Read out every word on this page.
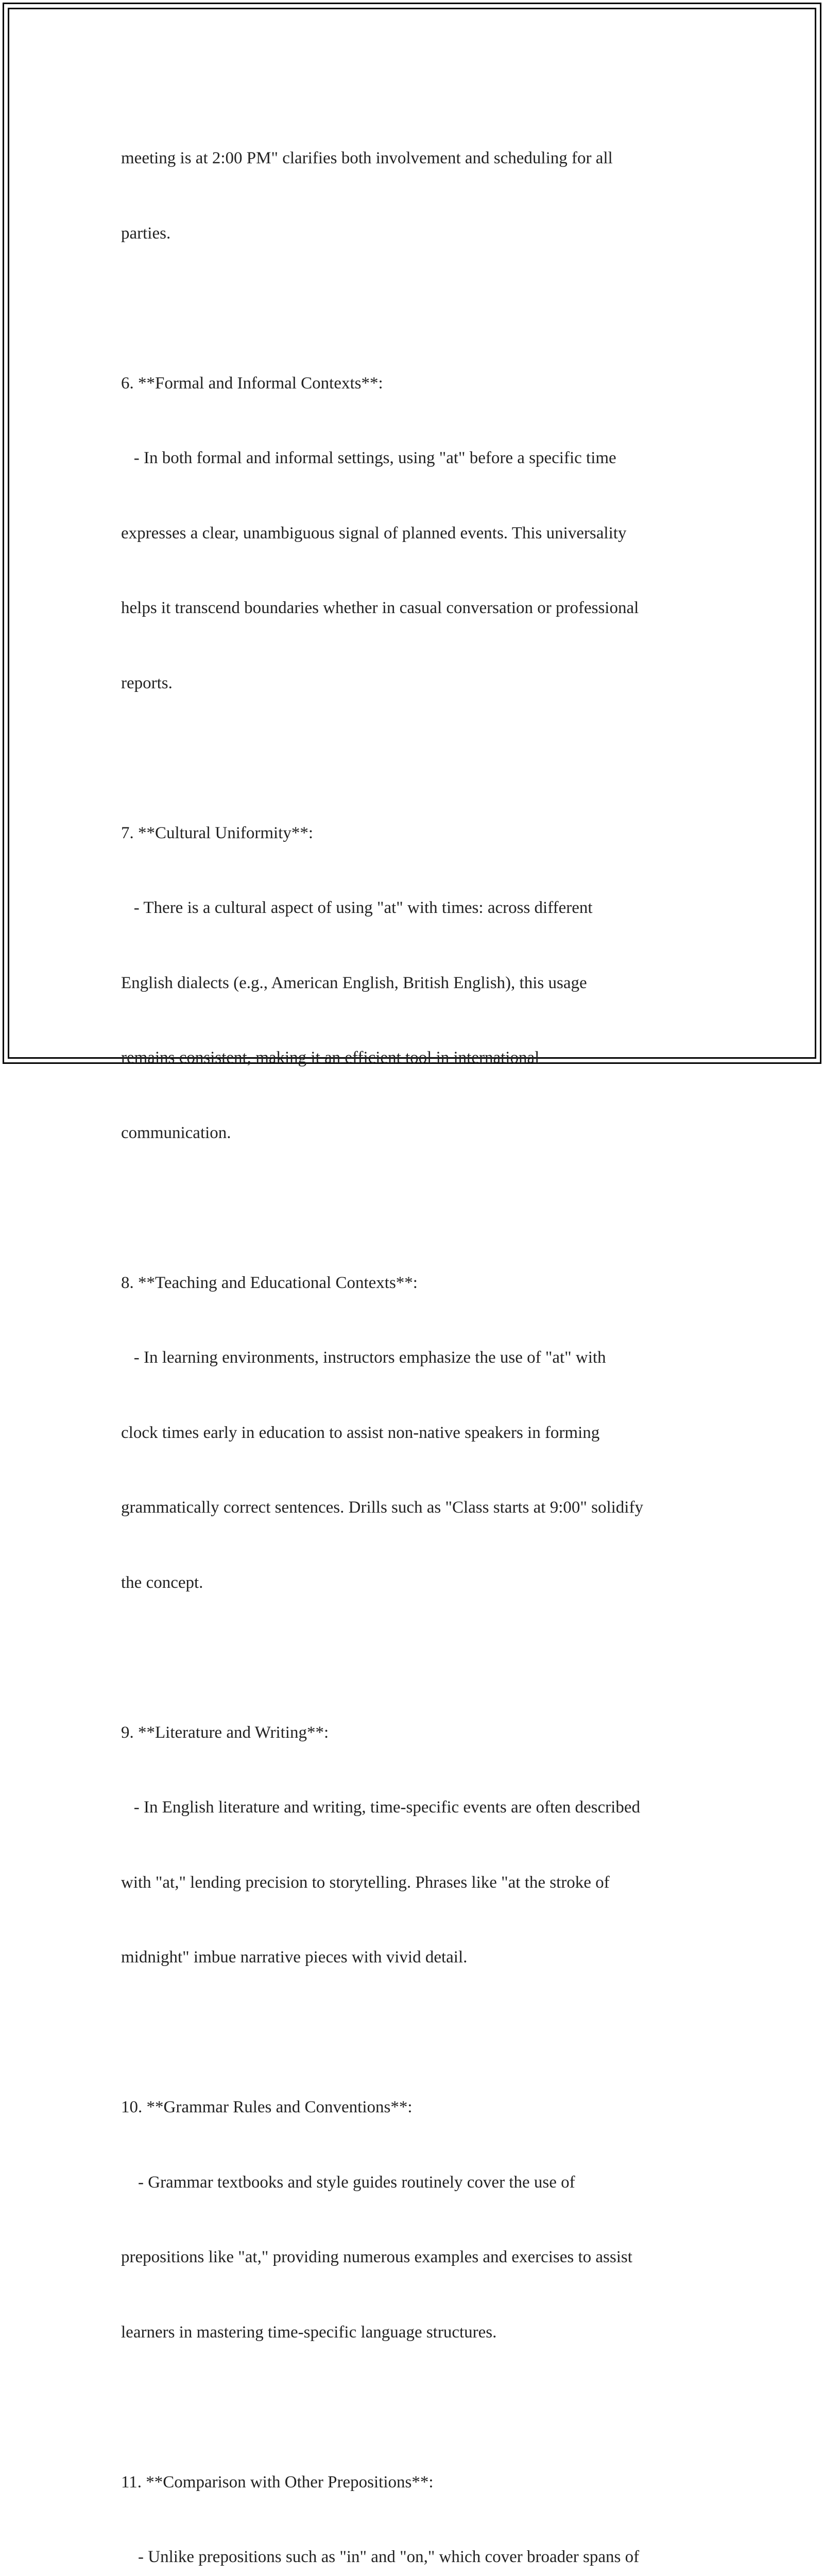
meeting is at 2:00 PM" clarifies both involvement and scheduling for all

parties.

6. **Formal and Informal Contexts**:

- In both formal and informal settings, using "at" before a specific time

expresses a clear, unambiguous signal of planned events. This universality

helps it transcend boundaries whether in casual conversation or professional

reports.

7. **Cultural Uniformity**:

- There is a cultural aspect of using "at" with times: across different

English dialects (e.g., American English, British English), this usage

remains consistent, making it an efficient tool in international

communication.

8. **Teaching and Educational Contexts**:

- In learning environments, instructors emphasize the use of "at" with

clock times early in education to assist non-native speakers in forming

grammatically correct sentences. Drills such as "Class starts at 9:00" solidify

the concept.

9. **Literature and Writing**:

- In English literature and writing, time-specific events are often described

with "at," lending precision to storytelling. Phrases like "at the stroke of

midnight" imbue narrative pieces with vivid detail.

10. **Grammar Rules and Conventions**:

- Grammar textbooks and style guides routinely cover the use of

prepositions like "at," providing numerous examples and exercises to assist

learners in mastering time-specific language structures.

11. **Comparison with Other Prepositions**:

- Unlike prepositions such as "in" and "on," which cover broader spans of
